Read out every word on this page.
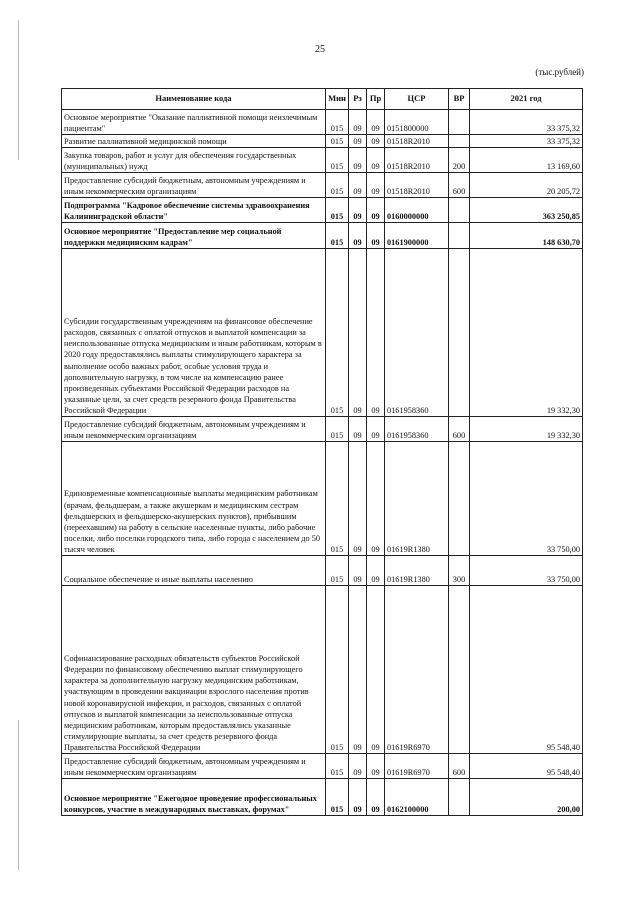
25
(тыс.рублей)
Наименование кода	Мин	Рз	Пр	ЦСР	ВР	2021 год
Основное мероприятие "Оказание паллиативной помощи неизлечимым пациентам"	015	09	09	0151800000		33 375,32
Развитие паллиативной медицинской помощи	015	09	09	01518R2010		33 375,32
Закупка товаров, работ и услуг для обеспечения государственных (муниципальных) нужд	015	09	09	01518R2010	200	13 169,60
Предоставление субсидий бюджетным, автономным учреждениям и иным некоммерческим организациям	015	09	09	01518R2010	600	20 205,72
Подпрограмма "Кадровое обеспечение системы здравоохранения Калининградской области"	015	09	09	0160000000		363 250,85
Основное мероприятие "Предоставление мер социальной поддержки медицинским кадрам"	015	09	09	0161900000		148 630,70
Субсидии государственным учреждениям на финансовое обеспечение расходов, связанных с оплатой отпусков и выплатой компенсации за неиспользованные отпуска медицинским и иным работникам, которым в 2020 году предоставлялись выплаты стимулирующего характера за выполнение особо важных работ, особые условия труда и дополнительную нагрузку, в том числе на компенсацию ранее произведенных субъектами Российской Федерации расходов на указанные цели, за счет средств резервного фонда Правительства Российской Федерации	015	09	09	0161958360		19 332,30
Предоставление субсидий бюджетным, автономным учреждениям и иным некоммерческим организациям	015	09	09	0161958360	600	19 332,30
Единовременные компенсационные выплаты медицинским работникам (врачам, фельдшерам, а также акушеркам и медицинским сестрам фельдшерских и фельдшерско-акушерских пунктов), прибывшим (переехавшим) на работу в сельские населенные пункты, либо рабочие поселки, либо поселки городского типа, либо города с населением до 50 тысяч человек	015	09	09	01619R1380		33 750,00
Социальное обеспечение и иные выплаты населению	015	09	09	01619R1380	300	33 750,00
Софинансирование расходных обязательств субъектов Российской Федерации по финансовому обеспечению выплат стимулирующего характера за дополнительную нагрузку медицинским работникам, участвующим в проведении вакцинации взрослого населения против новой коронавирусной инфекции, и расходов, связанных с оплатой отпусков и выплатой компенсации за неиспользованные отпуска медицинским работникам, которым предоставлялись указанные стимулирующие выплаты, за счет средств резервного фонда Правительства Российской Федерации	015	09	09	01619R6970		95 548,40
Предоставление субсидий бюджетным, автономным учреждениям и иным некоммерческим организациям	015	09	09	01619R6970	600	95 548,40
Основное мероприятие "Ежегодное проведение профессиональных конкурсов, участие в международных выставках, форумах"	015	09	09	0162100000		200,00
